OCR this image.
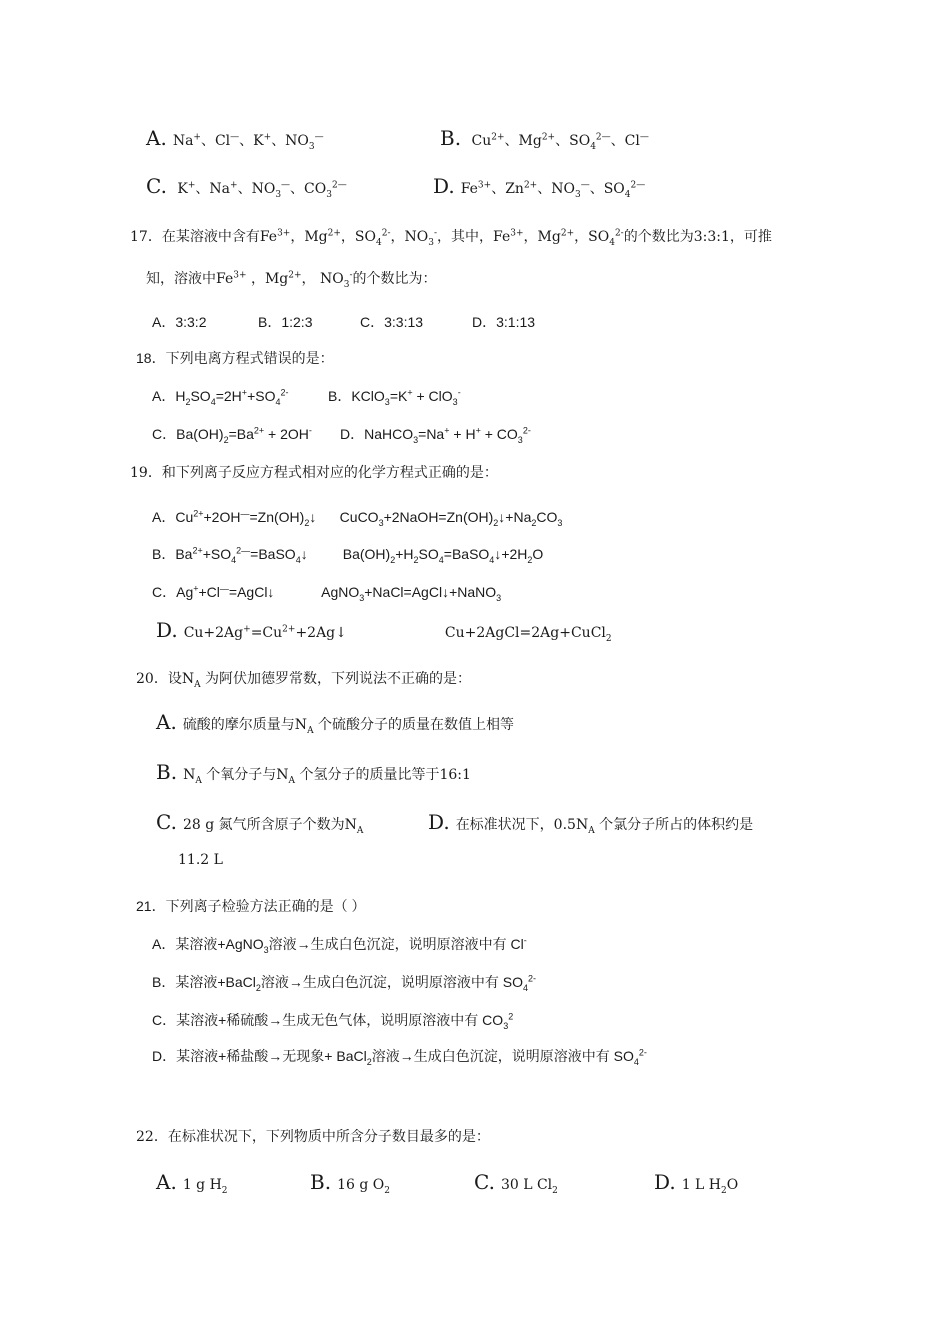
A. Na+、Cl—、K+、$NO_3^—$	B. $Cu^{2+}$、$Mg^{2+}$、$SO_4^{2—}$、Cl—
C. K+、Na+、$NO_3^—$、$CO_3^{2—}$	D. $Fe^{3+}$、$Zn^{2+}$、$NO_3^—$、$SO_4^{2—}$
17．在某溶液中含有$Fe^{3+}$，$Mg^{2+}$，$SO_4^{2-}$，$NO_3^-$，其中，$Fe^{3+}$，$Mg^{2+}$，$SO_4^{2-}$的个数比为3:3:1，可推
知，溶液中$Fe^{3+}$ ，$Mg^{2+}$， $NO_3^-$的个数比为：
A．3:3:2	B．1:2:3	C．3:3:13	D．3:1:13
18．下列电离方程式错误的是：
A．$H_2SO_4=2H^++SO_4^{2-}$	B．KClO$_3$=K+ + ClO$_3$-
C．$Ba(OH)_2=Ba^{2+} + 2OH^-$ D．NaHCO$_3$=Na+ + $H^+ + CO_3^{2-}$
19．和下列离子反应方程式相对应的化学方程式正确的是：
A．$Cu^{2+}+2OH^—=Zn(OH)_2↓$      $CuCO_3+2NaOH=Zn(OH)_2↓+Na_2CO_3$
B．$Ba^{2+}+SO_4^{2—}=BaSO_4↓$         $Ba(OH)_2+H_2SO_4=BaSO_4↓+2H_2O$
C．Ag++Cl—=AgCl↓            AgNO$_3$+NaCl=AgCl↓+NaNO$_3$
D. $Cu+2Ag^+=Cu^{2+}+2Ag↓$	Cu+2AgCl=2Ag+CuCl$_2$
20．设$N_A$ 为阿伏加德罗常数，下列说法不正确的是：
A. 硫酸的摩尔质量与$N_A$ 个硫酸分子的质量在数值上相等
B. $N_A$ 个氧分子与$N_A$ 个氢分子的质量比等于16:1
C. 28 g 氮气所含原子个数为$N_A$	D. 在标准状况下，$0.5N_A$ 个氯分子所占的体积约是
11.2 L
21．下列离子检验方法正确的是（ ）
A．某溶液+AgNO$_3$溶液→生成白色沉淀，说明原溶液中有 Cl-
B．某溶液+BaCl$_2$溶液→生成白色沉淀，说明原溶液中有 $SO_4^{2-}$
C．某溶液+稀硫酸→生成无色气体，说明原溶液中有 $CO_3^2$
D．某溶液+稀盐酸→无现象+ BaCl$_2$溶液→生成白色沉淀，说明原溶液中有 $SO_4^{2-}$
22．在标准状况下，下列物质中所含分子数目最多的是：
A. 1 g $H_2$	B. 16 g $O_2$	C. 30 L $Cl_2$	D. 1 L $H_2O$
